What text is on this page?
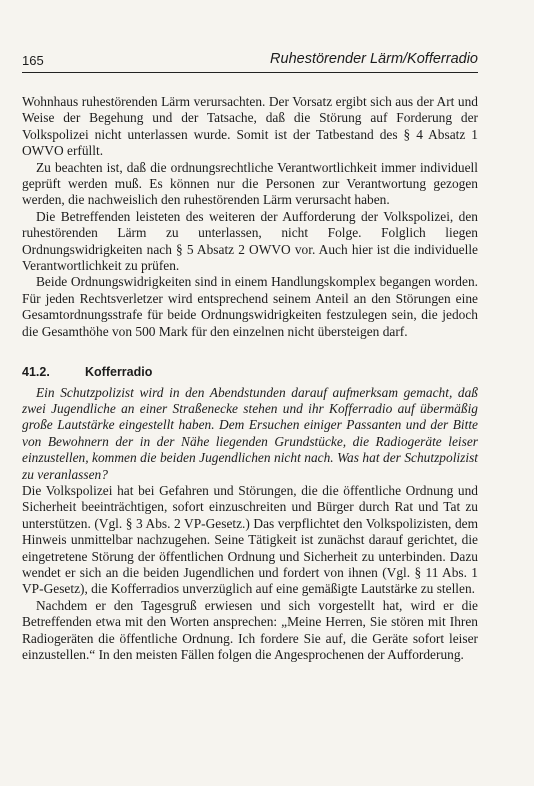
165	Ruhestörender Lärm/Kofferradio

Wohnhaus ruhestörenden Lärm verursachten. Der Vorsatz ergibt sich aus der Art und Weise der Begehung und der Tatsache, daß die Störung auf Forderung der Volkspolizei nicht unterlassen wurde. Somit ist der Tatbestand des § 4 Absatz 1 OWVO erfüllt.

Zu beachten ist, daß die ordnungsrechtliche Verantwortlichkeit immer individuell geprüft werden muß. Es können nur die Personen zur Verantwortung gezogen werden, die nachweislich den ruhestörenden Lärm verursacht haben.

Die Betreffenden leisteten des weiteren der Aufforderung der Volkspolizei, den ruhestörenden Lärm zu unterlassen, nicht Folge. Folglich liegen Ordnungswidrigkeiten nach § 5 Absatz 2 OWVO vor. Auch hier ist die individuelle Verantwortlichkeit zu prüfen.

Beide Ordnungswidrigkeiten sind in einem Handlungskomplex begangen worden. Für jeden Rechtsverletzer wird entsprechend seinem Anteil an den Störungen eine Gesamtordnungsstrafe für beide Ordnungswidrigkeiten festzulegen sein, die jedoch die Gesamthöhe von 500 Mark für den einzelnen nicht übersteigen darf.

41.2.	Kofferradio

Ein Schutzpolizist wird in den Abendstunden darauf aufmerksam gemacht, daß zwei Jugendliche an einer Straßenecke stehen und ihr Kofferradio auf übermäßig große Lautstärke eingestellt haben. Dem Ersuchen einiger Passanten und der Bitte von Bewohnern der in der Nähe liegenden Grundstücke, die Radiogeräte leiser einzustellen, kommen die beiden Jugendlichen nicht nach. Was hat der Schutzpolizist zu veranlassen?

Die Volkspolizei hat bei Gefahren und Störungen, die die öffentliche Ordnung und Sicherheit beeinträchtigen, sofort einzuschreiten und Bürger durch Rat und Tat zu unterstützen. (Vgl. § 3 Abs. 2 VP-Gesetz.) Das verpflichtet den Volkspolizisten, dem Hinweis unmittelbar nachzugehen. Seine Tätigkeit ist zunächst darauf gerichtet, die eingetretene Störung der öffentlichen Ordnung und Sicherheit zu unterbinden. Dazu wendet er sich an die beiden Jugendlichen und fordert von ihnen (Vgl. § 11 Abs. 1 VP-Gesetz), die Kofferradios unverzüglich auf eine gemäßigte Lautstärke zu stellen.

Nachdem er den Tagesgruß erwiesen und sich vorgestellt hat, wird er die Betreffenden etwa mit den Worten ansprechen: „Meine Herren, Sie stören mit Ihren Radiogeräten die öffentliche Ordnung. Ich fordere Sie auf, die Geräte sofort leiser einzustellen.“ In den meisten Fällen folgen die Angesprochenen der Aufforderung.
